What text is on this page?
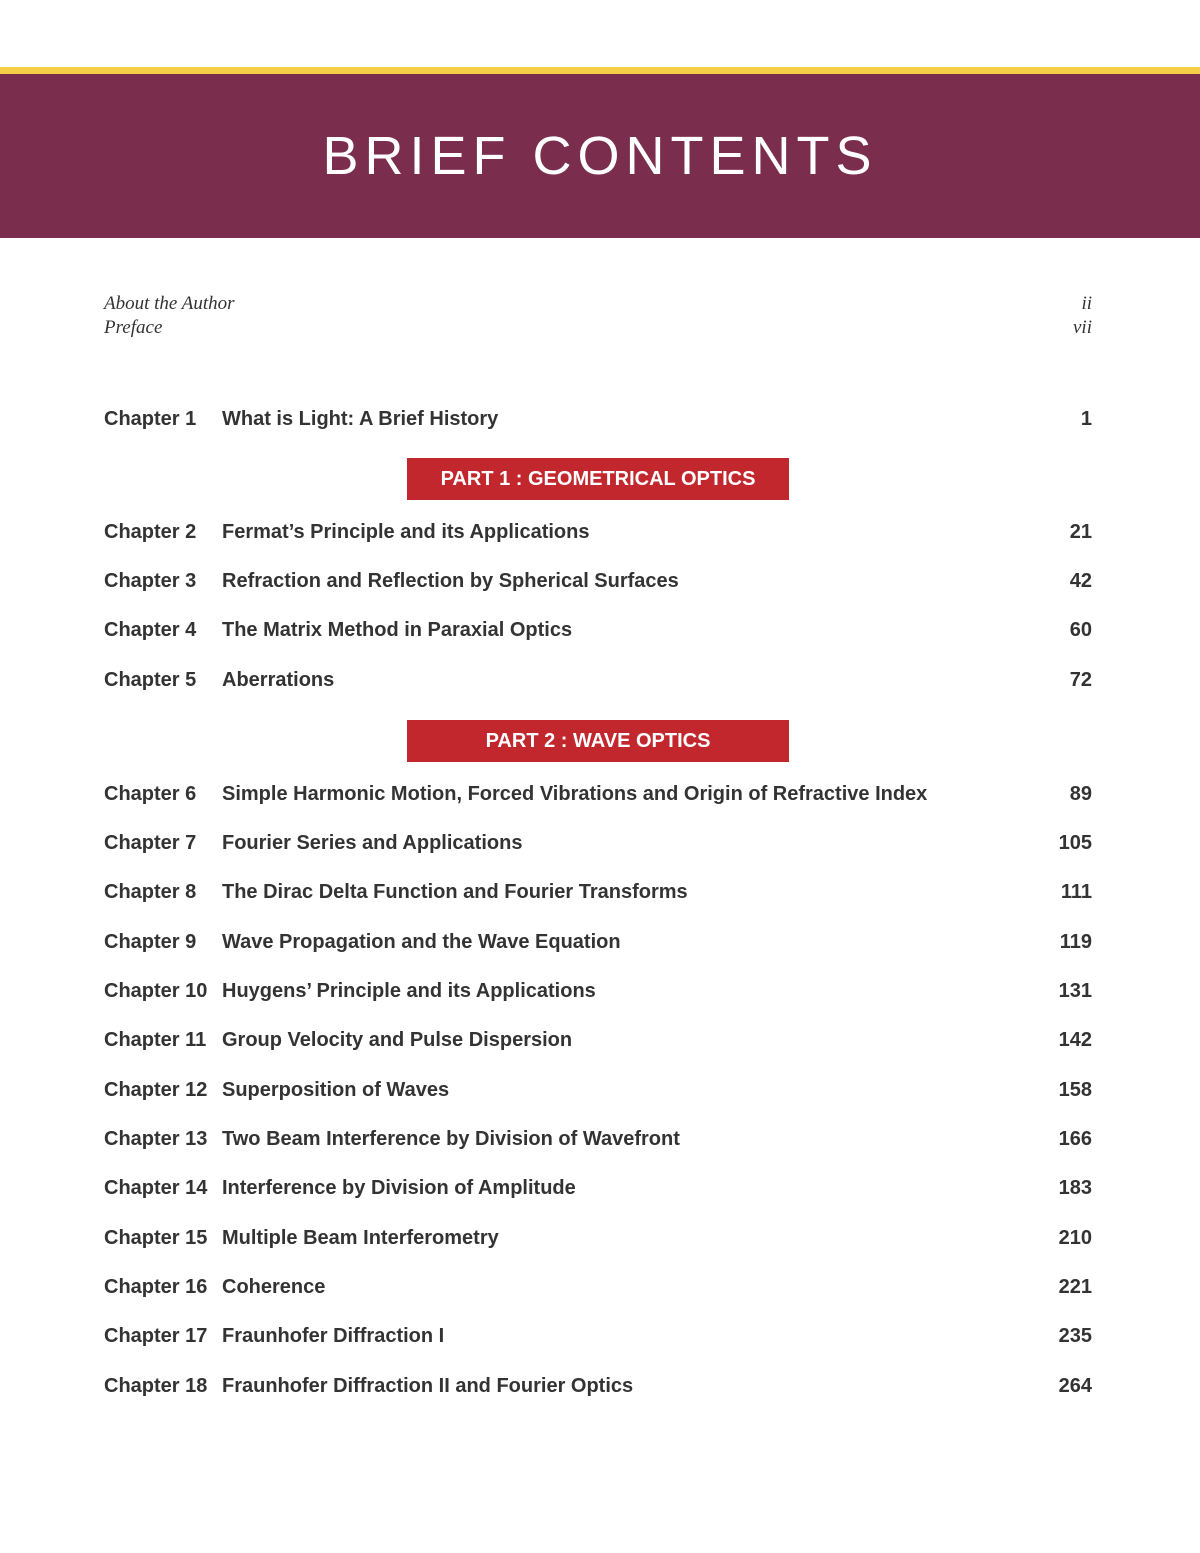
BRIEF CONTENTS
About the Author	ii
Preface	vii
Chapter 1 What is Light: A Brief History	1
PART 1 : GEOMETRICAL OPTICS
Chapter 2 Fermat’s Principle and its Applications	21
Chapter 3 Refraction and Reflection by Spherical Surfaces	42
Chapter 4 The Matrix Method in Paraxial Optics	60
Chapter 5 Aberrations	72
PART 2 : WAVE OPTICS
Chapter 6 Simple Harmonic Motion, Forced Vibrations and Origin of Refractive Index	89
Chapter 7 Fourier Series and Applications	105
Chapter 8 The Dirac Delta Function and Fourier Transforms	111
Chapter 9 Wave Propagation and the Wave Equation	119
Chapter 10 Huygens’ Principle and its Applications	131
Chapter 11 Group Velocity and Pulse Dispersion	142
Chapter 12 Superposition of Waves	158
Chapter 13 Two Beam Interference by Division of Wavefront	166
Chapter 14 Interference by Division of Amplitude	183
Chapter 15 Multiple Beam Interferometry	210
Chapter 16 Coherence	221
Chapter 17 Fraunhofer Diffraction I	235
Chapter 18 Fraunhofer Diffraction II and Fourier Optics	264
